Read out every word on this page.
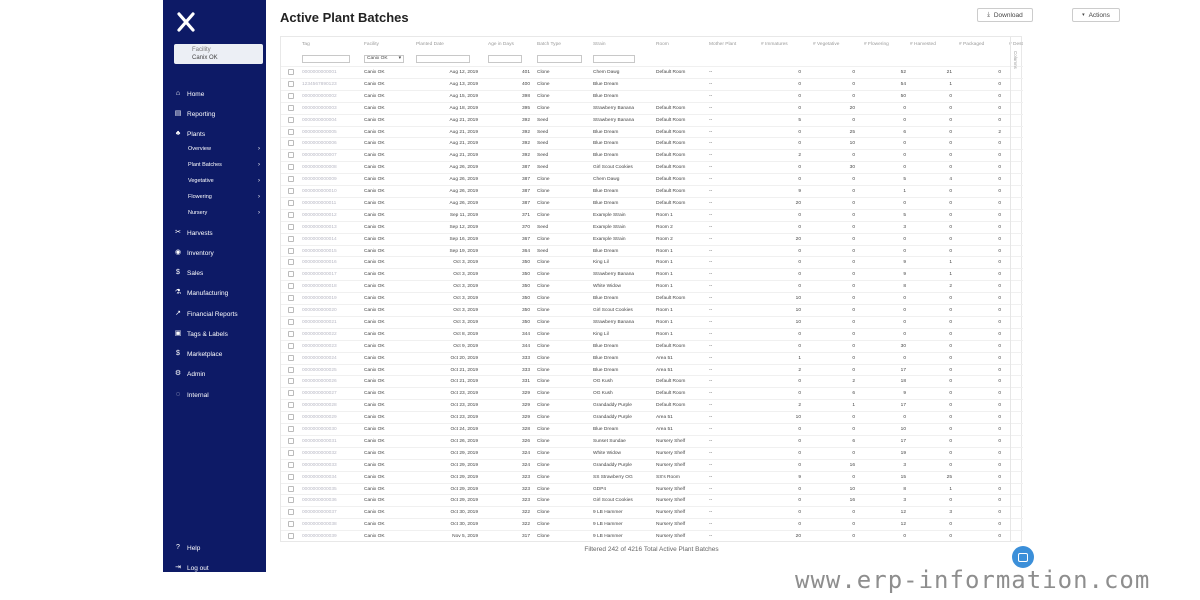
Facility
Canix OK
⌂ Home
▤ Reporting
♣ Plants
✂ Harvests
◉ Inventory
$	Sales
⚗ Manufacturing
↗ Financial Reports
▣ Tags & Labels
$	Marketplace
⚙ Admin
◌ Internal
Overview	›
Plant Batches	›
Vegetative	›
Flowering	›
Nursery	›
?	Help
⇥ Log out
Active Plant Batches	▾ Actions
⤓ Download
Tag	Facility	Planted Date	Age in Days	Batch Type	Strain	Room	Mother Plant	# Immatures	# Vegetative	# Flowering	# Harvested	# Packaged	# Dest
Canix OK ▾
0000000000001	Canix OK	Aug 12, 2019	401 Clone	Chem Dawg	Default Room	--	0	0	52	21	0
1234567890123	Canix OK	Aug 13, 2019	400 Clone	Blue Dream	--	0	0	54	1	0
0000000000002	Canix OK	Aug 15, 2019	398 Clone	Blue Dream	--	0	0	50	0	0
0000000000003	Canix OK	Aug 18, 2019	395 Clone	Strawberry Banana	Default Room	--	0	20	0	0	0
0000000000004	Canix OK	Aug 21, 2019	392 Seed	Strawberry Banana	Default Room	--	5	0	0	0	0
0000000000005	Canix OK	Aug 21, 2019	392 Seed	Blue Dream	Default Room	--	0	25	6	0	2
0000000000006	Canix OK	Aug 21, 2019	392 Seed	Blue Dream	Default Room	--	0	10	0	0	0
0000000000007	Canix OK	Aug 21, 2019	392 Seed	Blue Dream	Default Room	--	2	0	0	0	0
0000000000008	Canix OK	Aug 26, 2019	387 Seed	Girl Scout Cookies	Default Room	--	0	30	0	0	0
0000000000009	Canix OK	Aug 26, 2019	387 Clone	Chem Dawg	Default Room	--	0	0	5	4	0
0000000000010	Canix OK	Aug 26, 2019	387 Clone	Blue Dream	Default Room	--	9	0	1	0	0
0000000000011	Canix OK	Aug 26, 2019	387 Clone	Blue Dream	Default Room	--	20	0	0	0	0
0000000000012	Canix OK	Sep 11, 2019	371 Clone	Example Strain	Room 1	--	0	0	5	0	0
0000000000013	Canix OK	Sep 12, 2019	370 Seed	Example Strain	Room 2	--	0	0	3	0	0
0000000000014	Canix OK	Sep 16, 2019	367 Clone	Example Strain	Room 2	--	20	0	0	0	0
0000000000015	Canix OK	Sep 19, 2019	364 Seed	Blue Dream	Room 1	--	0	0	0	0	0
0000000000016	Canix OK	Oct 3, 2019	350 Clone	King Lil	Room 1	--	0	0	9	1	0
0000000000017	Canix OK	Oct 3, 2019	350 Clone	Strawberry Banana	Room 1	--	0	0	9	1	0
0000000000018	Canix OK	Oct 3, 2019	350 Clone	White Widow	Room 1	--	0	0	8	2	0
0000000000019	Canix OK	Oct 3, 2019	350 Clone	Blue Dream	Default Room	--	10	0	0	0	0
0000000000020	Canix OK	Oct 3, 2019	350 Clone	Girl Scout Cookies	Room 1	--	10	0	0	0	0
0000000000021	Canix OK	Oct 3, 2019	350 Clone	Strawberry Banana	Room 1	--	10	0	0	0	0
0000000000022	Canix OK	Oct 8, 2019	344 Clone	King Lil	Room 1	--	0	0	0	0	0
0000000000023	Canix OK	Oct 9, 2019	344 Clone	Blue Dream	Default Room	--	0	0	30	0	0
0000000000024	Canix OK	Oct 20, 2019	333 Clone	Blue Dream	Area 51	--	1	0	0	0	0
0000000000025	Canix OK	Oct 21, 2019	333 Clone	Blue Dream	Area 51	--	2	0	17	0	0
0000000000026	Canix OK	Oct 21, 2019	331 Clone	OG Kush	Default Room	--	0	2	18	0	0
0000000000027	Canix OK	Oct 23, 2019	329 Clone	OG Kush	Default Room	--	0	6	9	0	0
0000000000028	Canix OK	Oct 23, 2019	329 Clone	Grandaddy Purple	Default Room	--	2	1	17	0	0
0000000000029	Canix OK	Oct 23, 2019	329 Clone	Grandaddy Purple	Area 51	--	10	0	0	0	0
0000000000030	Canix OK	Oct 24, 2019	328 Clone	Blue Dream	Area 51	--	0	0	10	0	0
0000000000031	Canix OK	Oct 26, 2019	326 Clone	Sunset Sundae	Nursery Shelf	--	0	6	17	0	0
0000000000032	Canix OK	Oct 29, 2019	324 Clone	White Widow	Nursery Shelf	--	0	0	19	0	0
0000000000033	Canix OK	Oct 29, 2019	324 Clone	Grandaddy Purple	Nursery Shelf	--	0	16	3	0	0
0000000000034	Canix OK	Oct 29, 2019	323 Clone	SS Strawberry OG	SS's Room	--	9	0	15	25	0
0000000000035	Canix OK	Oct 29, 2019	323 Clone	GDP4	Nursery Shelf	--	0	10	8	1	0
0000000000036	Canix OK	Oct 29, 2019	323 Clone	Girl Scout Cookies	Nursery Shelf	--	0	16	3	0	0
0000000000037	Canix OK	Oct 30, 2019	322 Clone	9 LB Hammer	Nursery Shelf	--	0	0	12	3	0
0000000000038	Canix OK	Oct 30, 2019	322 Clone	9 LB Hammer	Nursery Shelf	--	0	0	12	0	0
0000000000039	Canix OK	Nov 5, 2019	317 Clone	9 LB Hammer	Nursery Shelf	--	20	0	0	0	0
Columns
Filtered 242 of 4216 Total Active Plant Batches
www.erp-information.com
